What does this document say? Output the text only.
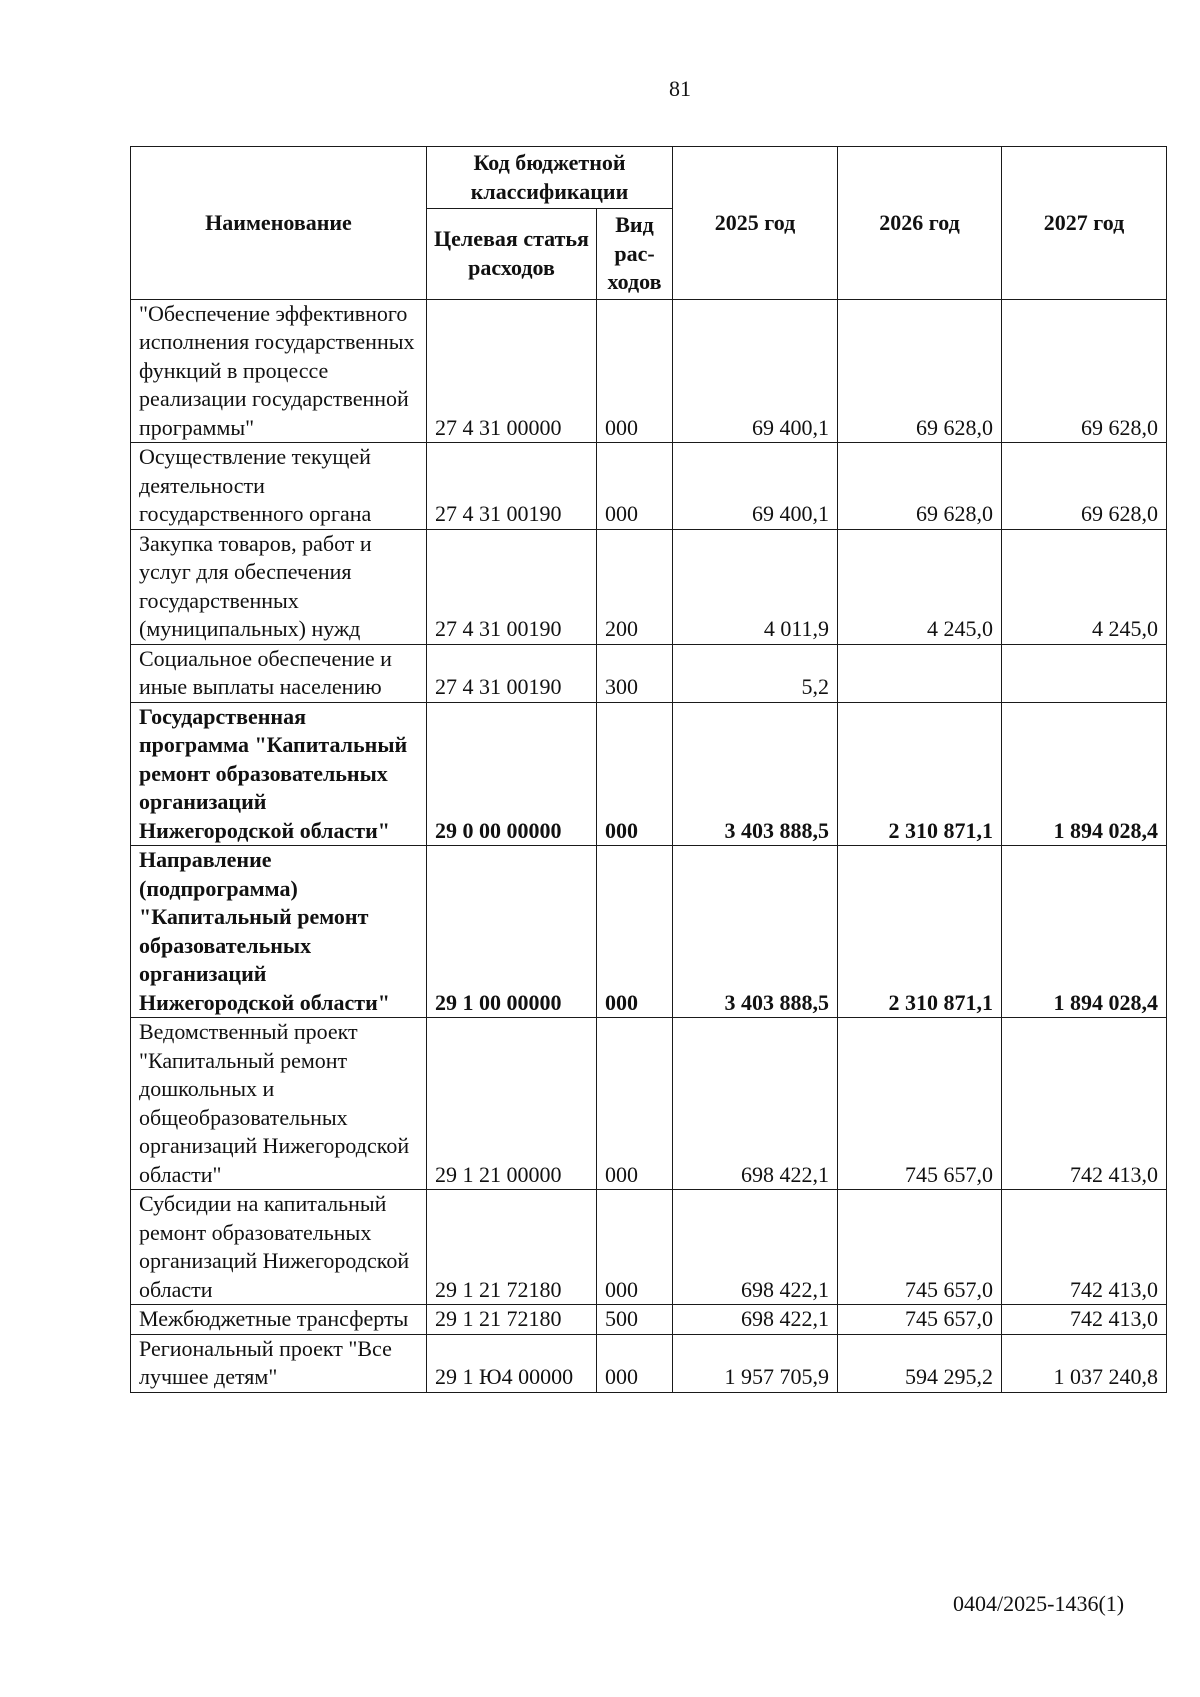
81
Наименование	Код бюджетной классификации		2025 год	2026 год	2027 год
	Целевая статья расходов	Вид рас-ходов			
"Обеспечение эффективного исполнения государственных функций в процессе реализации государственной программы"	27 4 31 00000	000	69 400,1	69 628,0	69 628,0
Осуществление текущей деятельности государственного органа	27 4 31 00190	000	69 400,1	69 628,0	69 628,0
Закупка товаров, работ и услуг для обеспечения государственных (муниципальных) нужд	27 4 31 00190	200	4 011,9	4 245,0	4 245,0
Социальное обеспечение и иные выплаты населению	27 4 31 00190	300	5,2		
Государственная программа "Капитальный ремонт образовательных организаций Нижегородской области"	29 0 00 00000	000	3 403 888,5	2 310 871,1	1 894 028,4
Направление (подпрограмма) "Капитальный ремонт образовательных организаций Нижегородской области"	29 1 00 00000	000	3 403 888,5	2 310 871,1	1 894 028,4
Ведомственный проект "Капитальный ремонт дошкольных и общеобразовательных организаций Нижегородской области"	29 1 21 00000	000	698 422,1	745 657,0	742 413,0
Субсидии на капитальный ремонт образовательных организаций Нижегородской области	29 1 21 72180	000	698 422,1	745 657,0	742 413,0
Межбюджетные трансферты	29 1 21 72180	500	698 422,1	745 657,0	742 413,0
Региональный проект "Все лучшее детям"	29 1 Ю4 00000	000	1 957 705,9	594 295,2	1 037 240,8
0404/2025-1436(1)
